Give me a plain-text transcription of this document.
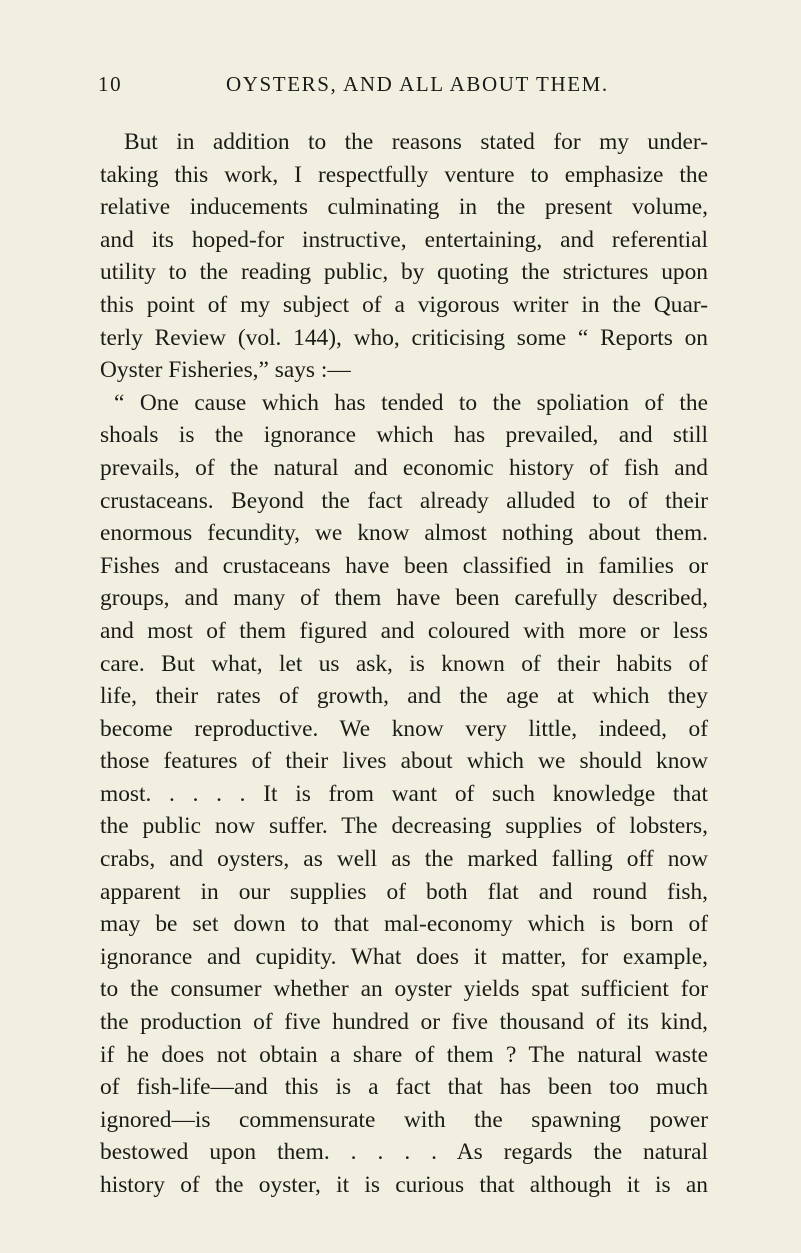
10	OYSTERS, AND ALL ABOUT THEM.
But in addition to the reasons stated for my under-
taking this work, I respectfully venture to emphasize the
relative inducements culminating in the present volume,
and its hoped-for instructive, entertaining, and referential
utility to the reading public, by quoting the strictures upon
this point of my subject of a vigorous writer in the Quar-
terly Review (vol. 144), who, criticising some “ Reports on
Oyster Fisheries,” says :—
“ One cause which has tended to the spoliation of the
shoals is the ignorance which has prevailed, and still
prevails, of the natural and economic history of fish and
crustaceans. Beyond the fact already alluded to of their
enormous fecundity, we know almost nothing about them.
Fishes and crustaceans have been classified in families or
groups, and many of them have been carefully described,
and most of them figured and coloured with more or less
care. But what, let us ask, is known of their habits of
life, their rates of growth, and the age at which they
become reproductive. We know very little, indeed, of
those features of their lives about which we should know
most. . . . . It is from want of such knowledge that
the public now suffer. The decreasing supplies of lobsters,
crabs, and oysters, as well as the marked falling off now
apparent in our supplies of both flat and round fish,
may be set down to that mal-economy which is born of
ignorance and cupidity. What does it matter, for example,
to the consumer whether an oyster yields spat sufficient for
the production of five hundred or five thousand of its kind,
if he does not obtain a share of them ? The natural waste
of fish-life—and this is a fact that has been too much
ignored—is commensurate with the spawning power
bestowed upon them. . . . . As regards the natural
history of the oyster, it is curious that although it is an
